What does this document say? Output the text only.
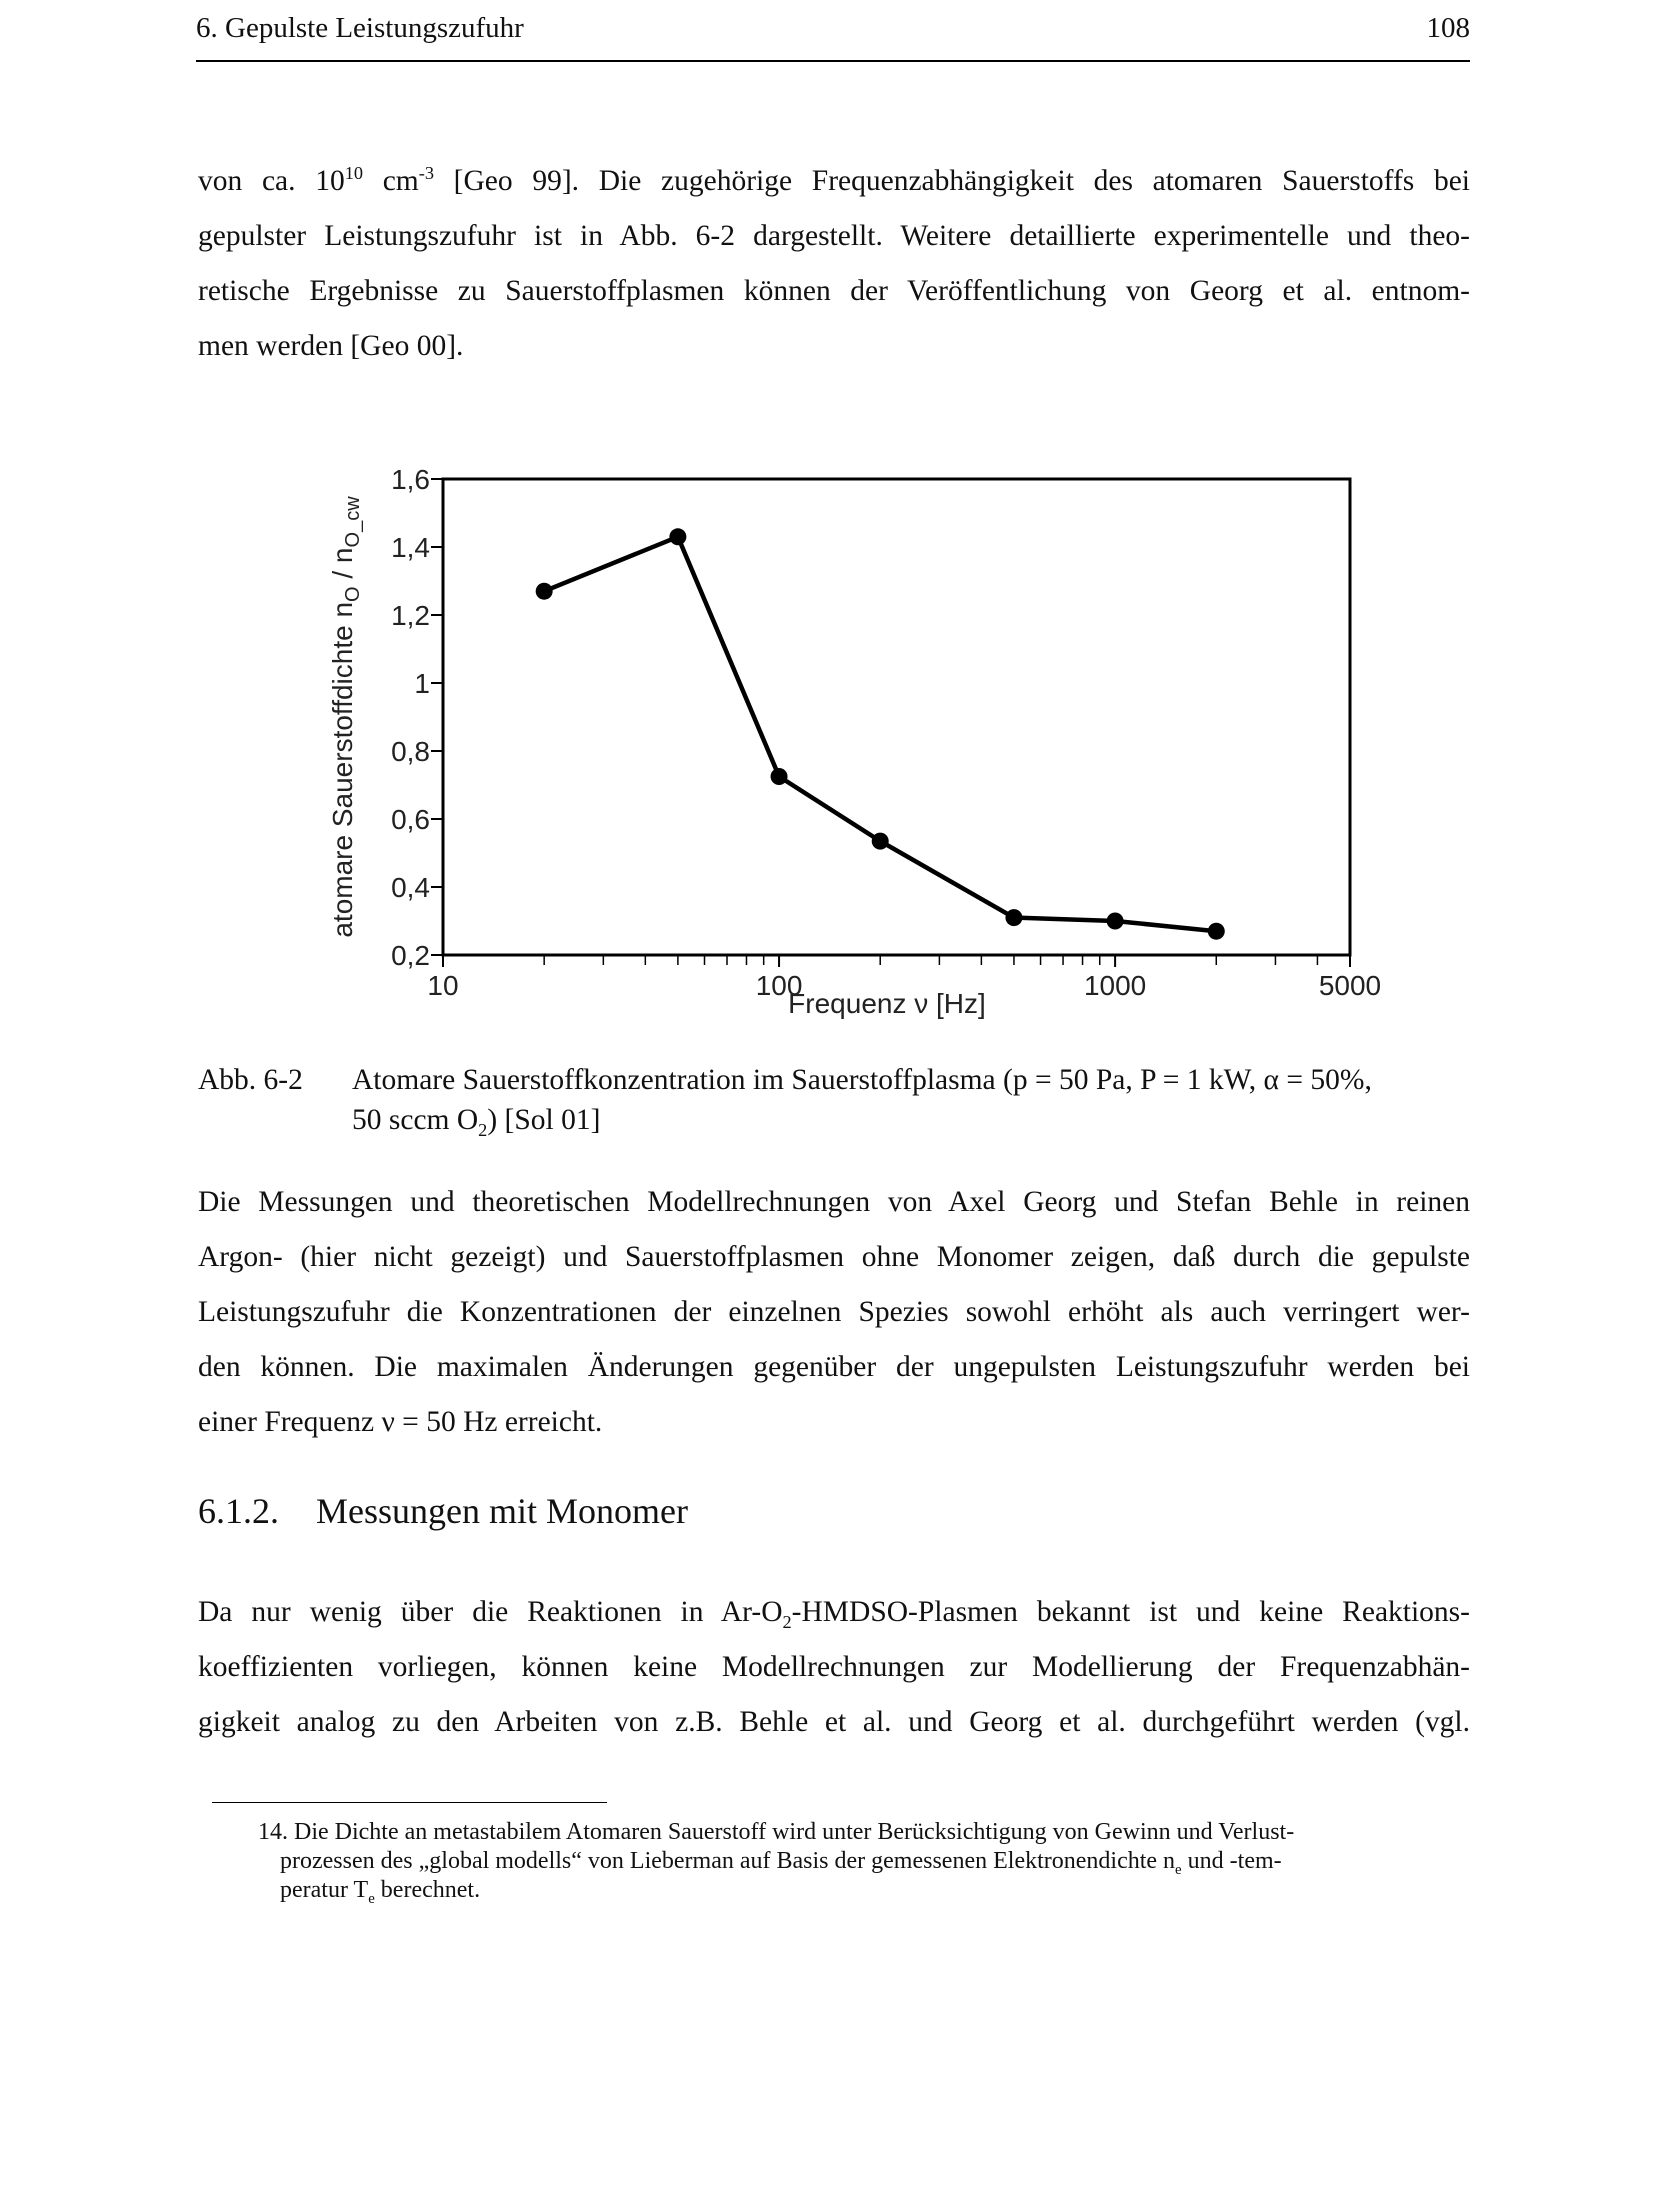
6. Gepulste Leistungszufuhr	108
von ca. $10^{10}$ $cm^{-3}$ [Geo 99]. Die zugehörige Frequenzabhängigkeit des atomaren Sauerstoffs bei
gepulster Leistungszufuhr ist in Abb. 6-2 dargestellt. Weitere detaillierte experimentelle und theo-
retische Ergebnisse zu Sauerstoffplasmen können der Veröffentlichung von Georg et al. entnom-
men werden [Geo 00].
atomare Sauerstoffdichte $n_O / n_{O\_cw}$
0,2
0,4
0,6
0,8
1
1,2
1,4
1,6
10	100	1000	5000
Frequenz ν [Hz]
Abb. 6-2	Atomare Sauerstoffkonzentration im Sauerstoffplasma (p = 50 Pa, P = 1 kW, α = 50%,
50 sccm $O_2$) [Sol 01]
Die Messungen und theoretischen Modellrechnungen von Axel Georg und Stefan Behle in reinen
Argon- (hier nicht gezeigt) und Sauerstoffplasmen ohne Monomer zeigen, daß durch die gepulste
Leistungszufuhr die Konzentrationen der einzelnen Spezies sowohl erhöht als auch verringert wer-
den können. Die maximalen Änderungen gegenüber der ungepulsten Leistungszufuhr werden bei
einer Frequenz ν = 50 Hz erreicht.
6.1.2. Messungen mit Monomer
Da nur wenig über die Reaktionen in $Ar-O_2-HMDSO$-Plasmen bekannt ist und keine Reaktions-
koeffizienten vorliegen, können keine Modellrechnungen zur Modellierung der Frequenzabhän-
gigkeit analog zu den Arbeiten von z.B. Behle et al. und Georg et al. durchgeführt werden (vgl.
14. Die Dichte an metastabilem Atomaren Sauerstoff wird unter Berücksichtigung von Gewinn und Verlust-
prozessen des „global modells“ von Lieberman auf Basis der gemessenen Elektronendichte $n_e$ und -tem-
peratur $T_e$ berechnet.
